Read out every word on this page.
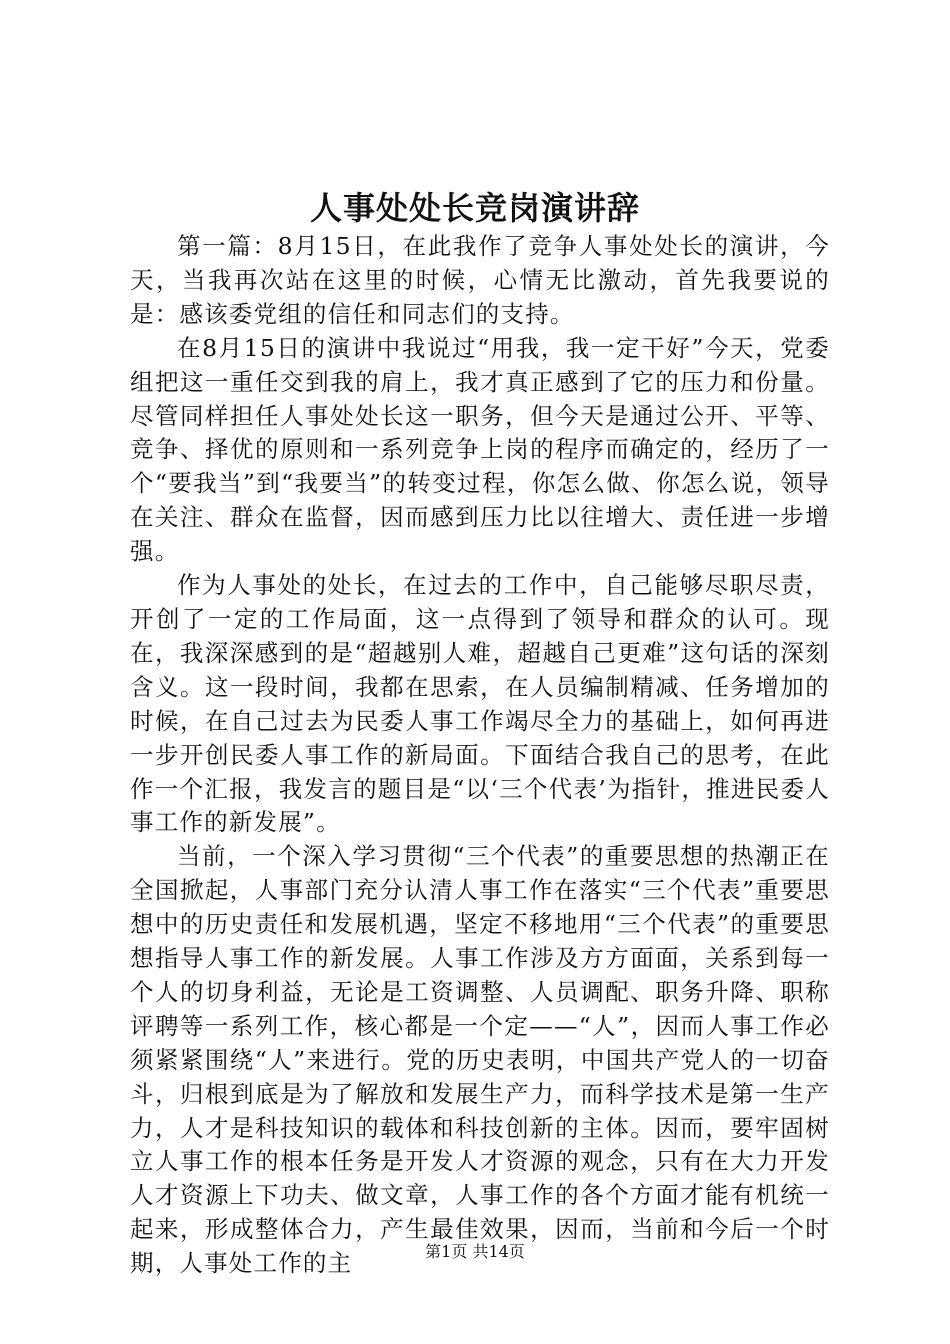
人事处处长竞岗演讲辞

第一篇：8月15日，在此我作了竞争人事处处长的演讲，今天，当我再次站在这里的时候，心情无比激动，首先我要说的是：感该委党组的信任和同志们的支持。

在8月15日的演讲中我说过“用我，我一定干好”今天，党委组把这一重任交到我的肩上，我才真正感到了它的压力和份量。尽管同样担任人事处处长这一职务，但今天是通过公开、平等、竞争、择优的原则和一系列竞争上岗的程序而确定的，经历了一个“要我当”到“我要当”的转变过程，你怎么做、你怎么说，领导在关注、群众在监督，因而感到压力比以往增大、责任进一步增强。

作为人事处的处长，在过去的工作中，自己能够尽职尽责，开创了一定的工作局面，这一点得到了领导和群众的认可。现在，我深深感到的是“超越别人难，超越自己更难”这句话的深刻含义。这一段时间，我都在思索，在人员编制精减、任务增加的时候，在自己过去为民委人事工作竭尽全力的基础上，如何再进一步开创民委人事工作的新局面。下面结合我自己的思考，在此作一个汇报，我发言的题目是“以‘三个代表’为指针，推进民委人事工作的新发展”。

当前，一个深入学习贯彻“三个代表”的重要思想的热潮正在全国掀起，人事部门充分认清人事工作在落实“三个代表”重要思想中的历史责任和发展机遇，坚定不移地用“三个代表”的重要思想指导人事工作的新发展。人事工作涉及方方面面，关系到每一个人的切身利益，无论是工资调整、人员调配、职务升降、职称评聘等一系列工作，核心都是一个定——“人”，因而人事工作必须紧紧围绕“人”来进行。党的历史表明，中国共产党人的一切奋斗，归根到底是为了解放和发展生产力，而科学技术是第一生产力，人才是科技知识的载体和科技创新的主体。因而，要牢固树立人事工作的根本任务是开发人才资源的观念，只有在大力开发人才资源上下功夫、做文章，人事工作的各个方面才能有机统一起来，形成整体合力，产生最佳效果，因而，当前和今后一个时期，人事处工作的主	第1页 共14页
